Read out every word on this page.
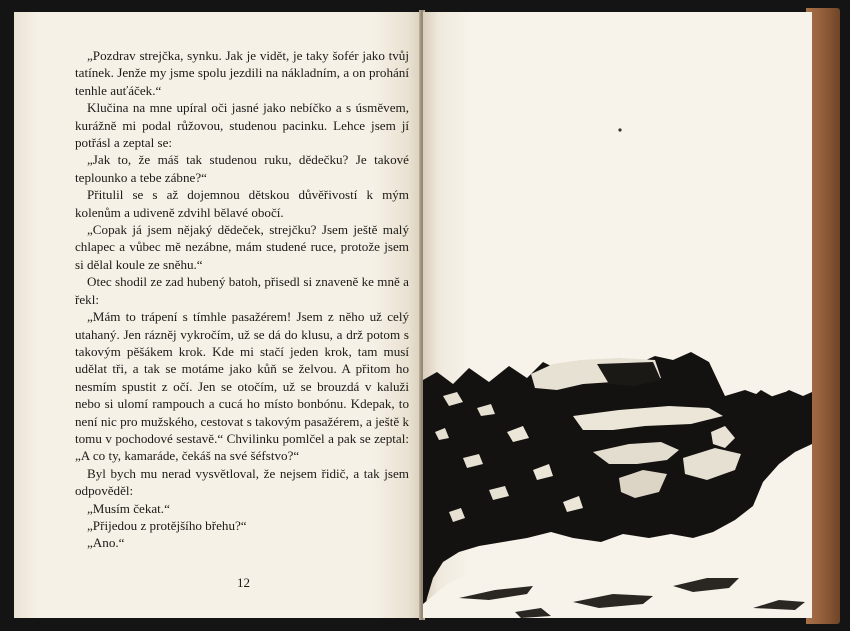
„Pozdrav strejčka, synku. Jak je vidět, je taky šofér jako tvůj tatínek. Jenže my jsme spolu jezdili na nákladním, a on prohání tenhle auťáček.“

Klučina na mne upíral oči jasné jako nebíčko a s úsměvem, kurážně mi podal růžovou, studenou pacinku. Lehce jsem jí potřásl a zeptal se:

„Jak to, že máš tak studenou ruku, dědečku? Je takové teplounko a tebe zábne?“

Přitulil se s až dojemnou dětskou důvěřivostí k mým kolenům a udiveně zdvihl bělavé obočí.

„Copak já jsem nějaký dědeček, strejčku? Jsem ještě malý chlapec a vůbec mě nezábne, mám studené ruce, protože jsem si dělal koule ze sněhu.“

Otec shodil ze zad hubený batoh, přisedl si znaveně ke mně a řekl:

„Mám to trápení s tímhle pasažérem! Jsem z něho už celý utahaný. Jen rázněj vykročím, už se dá do klusu, a drž potom s takovým pěšákem krok. Kde mi stačí jeden krok, tam musí udělat tři, a tak se motáme jako kůň se želvou. A přitom ho nesmím spustit z očí. Jen se otočím, už se brouzdá v kaluži nebo si ulomí rampouch a cucá ho místo bonbónu. Kdepak, to není nic pro mužského, cestovat s takovým pasažérem, a ještě k tomu v pochodové sestavě.“ Chvilinku pomlčel a pak se zeptal: „A co ty, kamaráde, čekáš na své šéfstvo?“

Byl bych mu nerad vysvětloval, že nejsem řidič, a tak jsem odpověděl:

„Musím čekat.“

„Přijedou z protějšího břehu?“

„Ano.“

12
